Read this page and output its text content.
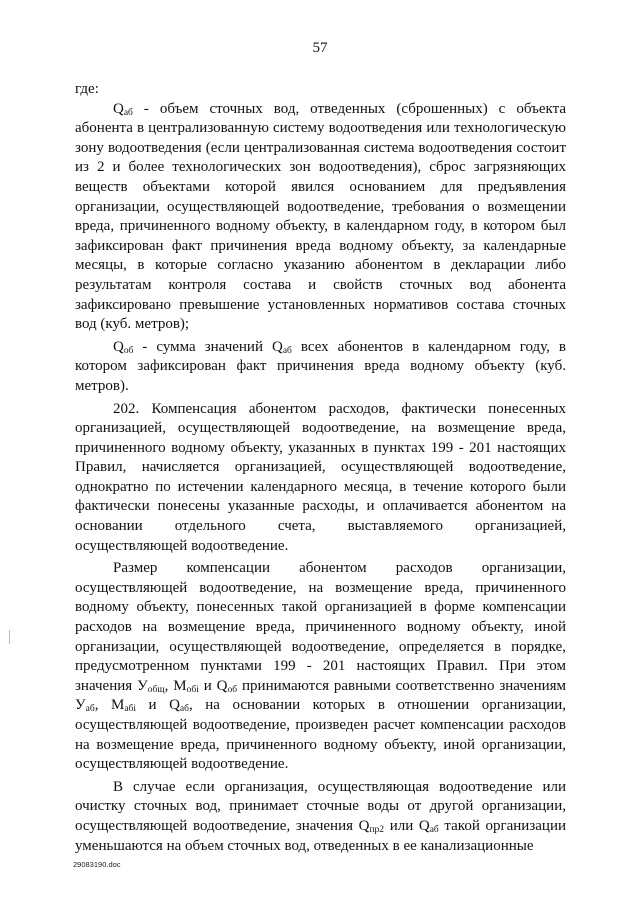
57

где:

$Q_{аб}$ - объем сточных вод, отведенных (сброшенных) с объекта абонента в централизованную систему водоотведения или технологическую зону водоотведения (если централизованная система водоотведения состоит из 2 и более технологических зон водоотведения), сброс загрязняющих веществ объектами которой явился основанием для предъявления организации, осуществляющей водоотведение, требования о возмещении вреда, причиненного водному объекту, в календарном году, в котором был зафиксирован факт причинения вреда водному объекту, за календарные месяцы, в которые согласно указанию абонентом в декларации либо результатам контроля состава и свойств сточных вод абонента зафиксировано превышение установленных нормативов состава сточных вод (куб. метров);

$Q_{об}$ - сумма значений $Q_{аб}$ всех абонентов в календарном году, в котором зафиксирован факт причинения вреда водному объекту (куб. метров).

202. Компенсация абонентом расходов, фактически понесенных организацией, осуществляющей водоотведение, на возмещение вреда, причиненного водному объекту, указанных в пунктах 199 - 201 настоящих Правил, начисляется организацией, осуществляющей водоотведение, однократно по истечении календарного месяца, в течение которого были фактически понесены указанные расходы, и оплачивается абонентом на основании отдельного счета, выставляемого организацией, осуществляющей водоотведение.

Размер компенсации абонентом расходов организации, осуществляющей водоотведение, на возмещение вреда, причиненного водному объекту, понесенных такой организацией в форме компенсации расходов на возмещение вреда, причиненного водному объекту, иной организации, осуществляющей водоотведение, определяется в порядке, предусмотренном пунктами 199 - 201 настоящих Правил. При этом значения $У_{общ}$, $М_{обi}$ и $Q_{об}$ принимаются равными соответственно значениям $У_{аб}$, $М_{абi}$ и $Q_{аб}$, на основании которых в отношении организации, осуществляющей водоотведение, произведен расчет компенсации расходов на возмещение вреда, причиненного водному объекту, иной организации, осуществляющей водоотведение.

В случае если организация, осуществляющая водоотведение или очистку сточных вод, принимает сточные воды от другой организации, осуществляющей водоотведение, значения $Q_{пр2}$ или $Q_{аб}$ такой организации уменьшаются на объем сточных вод, отведенных в ее канализационные

29083190.doc
